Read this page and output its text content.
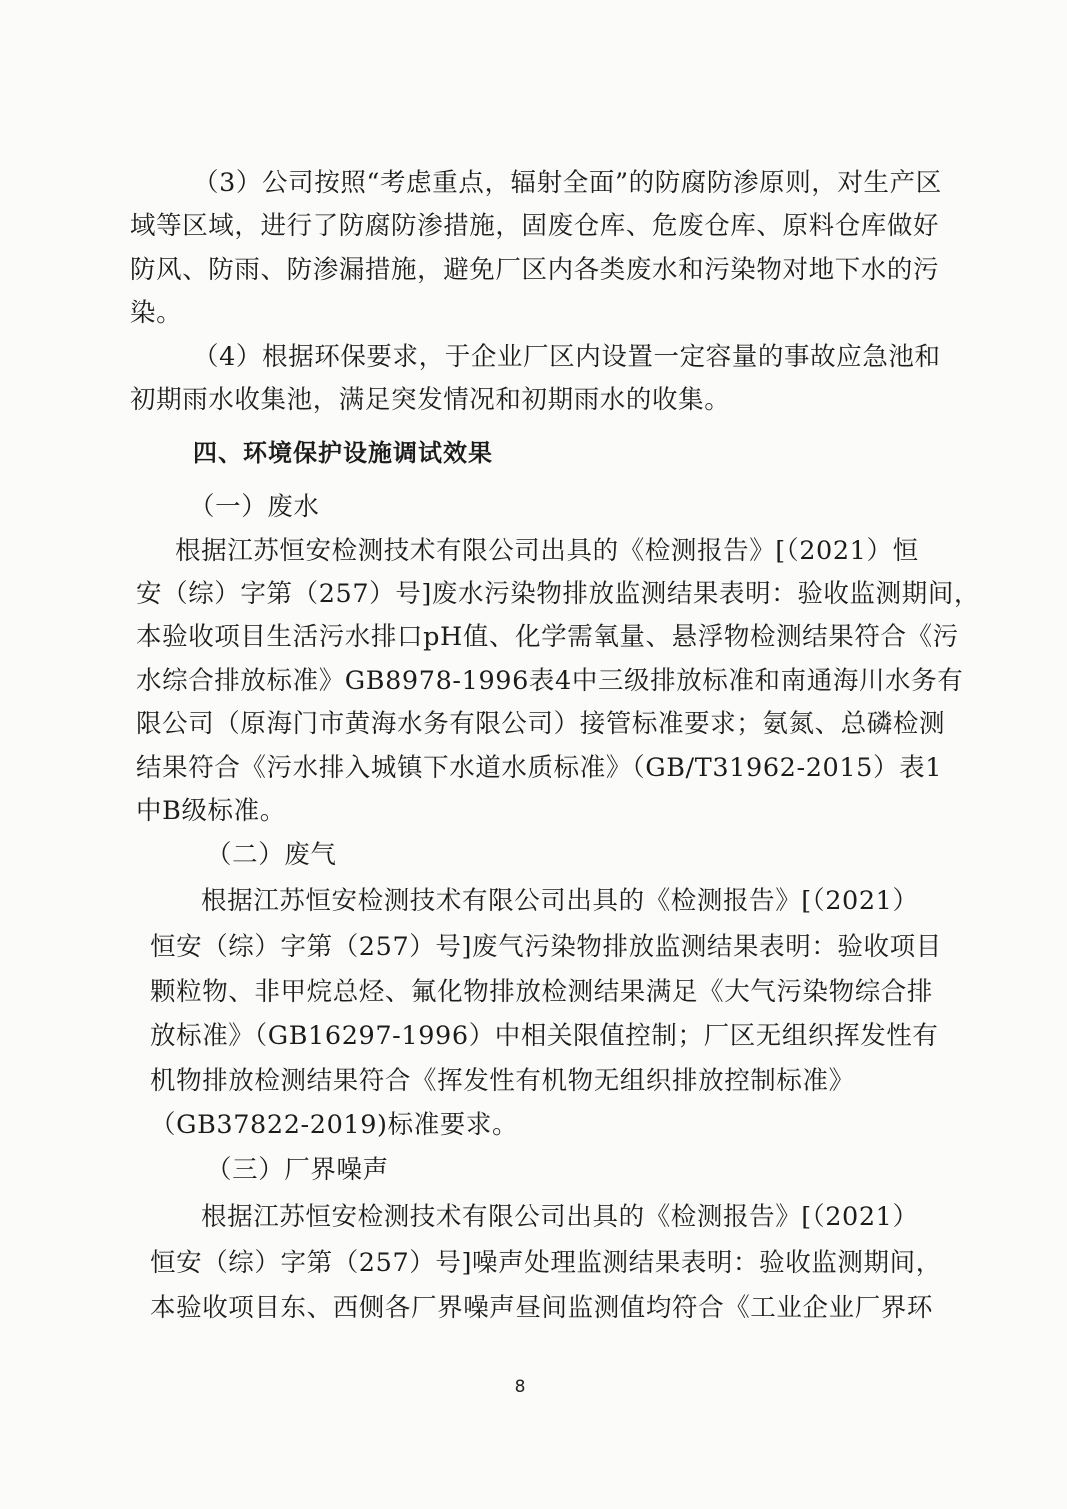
（3）公司按照“考虑重点，辐射全面”的防腐防渗原则，对生产区
域等区域，进行了防腐防渗措施，固废仓库、危废仓库、原料仓库做好
防风、防雨、防渗漏措施，避免厂区内各类废水和污染物对地下水的污
染。
（4）根据环保要求，于企业厂区内设置一定容量的事故应急池和
初期雨水收集池，满足突发情况和初期雨水的收集。
四、环境保护设施调试效果
（一）废水
根据江苏恒安检测技术有限公司出具的《检测报告》[（2021）恒
安（综）字第（257）号]废水污染物排放监测结果表明：验收监测期间，
本验收项目生活污水排口pH值、化学需氧量、悬浮物检测结果符合《污
水综合排放标准》GB8978-1996表4中三级排放标准和南通海川水务有
限公司（原海门市黄海水务有限公司）接管标准要求；氨氮、总磷检测
结果符合《污水排入城镇下水道水质标准》（GB/T31962-2015）表1
中B级标准。
（二）废气
根据江苏恒安检测技术有限公司出具的《检测报告》[（2021）
恒安（综）字第（257）号]废气污染物排放监测结果表明：验收项目
颗粒物、非甲烷总烃、氟化物排放检测结果满足《大气污染物综合排
放标准》（GB16297-1996）中相关限值控制；厂区无组织挥发性有
机物排放检测结果符合《挥发性有机物无组织排放控制标准》
（GB37822-2019)标准要求。
（三）厂界噪声
根据江苏恒安检测技术有限公司出具的《检测报告》[（2021）
恒安（综）字第（257）号]噪声处理监测结果表明：验收监测期间，
本验收项目东、西侧各厂界噪声昼间监测值均符合《工业企业厂界环
8
